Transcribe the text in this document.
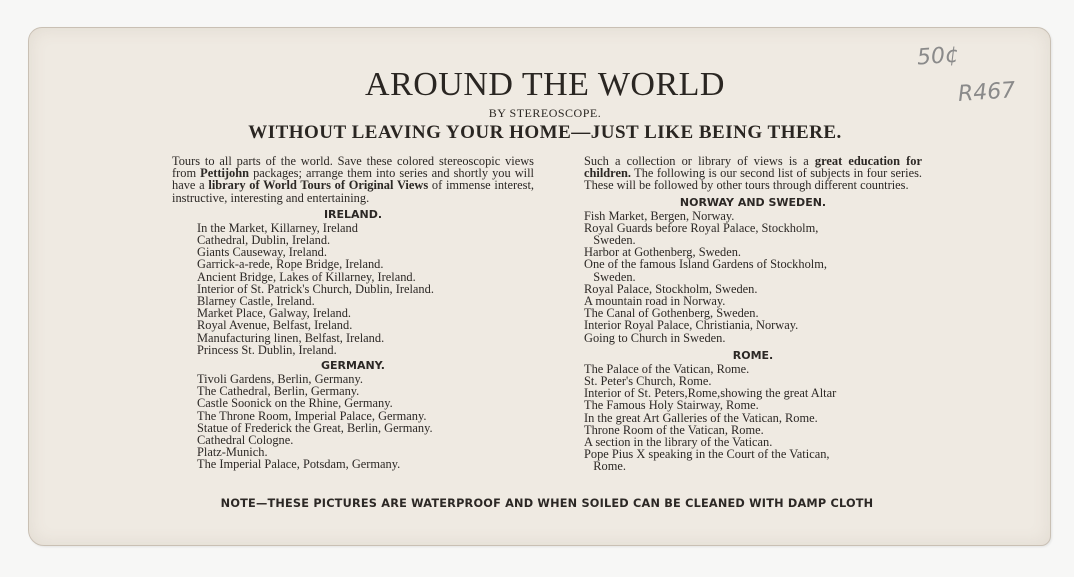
50¢
R467
AROUND THE WORLD
BY STEREOSCOPE.
WITHOUT LEAVING YOUR HOME—JUST LIKE BEING THERE.

Tours to all parts of the world. Save these colored stereoscopic views from Pettijohn packages; arrange them into series and shortly you will have a library of World Tours of Original Views of immense interest, instructive, interesting and entertaining.

IRELAND.
In the Market, Killarney, Ireland
Cathedral, Dublin, Ireland.
Giants Causeway, Ireland.
Garrick-a-rede, Rope Bridge, Ireland.
Ancient Bridge, Lakes of Killarney, Ireland.
Interior of St. Patrick's Church, Dublin, Ireland.
Blarney Castle, Ireland.
Market Place, Galway, Ireland.
Royal Avenue, Belfast, Ireland.
Manufacturing linen, Belfast, Ireland.
Princess St. Dublin, Ireland.
GERMANY.
Tivoli Gardens, Berlin, Germany.
The Cathedral, Berlin, Germany.
Castle Soonick on the Rhine, Germany.
The Throne Room, Imperial Palace, Germany.
Statue of Frederick the Great, Berlin, Germany.
Cathedral Cologne.
Platz-Munich.
The Imperial Palace, Potsdam, Germany.

Such a collection or library of views is a great education for children. The following is our second list of subjects in four series. These will be followed by other tours through different countries.

NORWAY AND SWEDEN.
Fish Market, Bergen, Norway.
Royal Guards before Royal Palace, Stockholm,
Sweden.
Harbor at Gothenberg, Sweden.
One of the famous Island Gardens of Stockholm,
Sweden.
Royal Palace, Stockholm, Sweden.
A mountain road in Norway.
The Canal of Gothenberg, Sweden.
Interior Royal Palace, Christiania, Norway.
Going to Church in Sweden.
ROME.
The Palace of the Vatican, Rome.
St. Peter's Church, Rome.
Interior of St. Peters,Rome,showing the great Altar
The Famous Holy Stairway, Rome.
In the great Art Galleries of the Vatican, Rome.
Throne Room of the Vatican, Rome.
A section in the library of the Vatican.
Pope Pius X speaking in the Court of the Vatican,
Rome.
NOTE—THESE PICTURES ARE WATERPROOF AND WHEN SOILED CAN BE CLEANED WITH DAMP CLOTH
